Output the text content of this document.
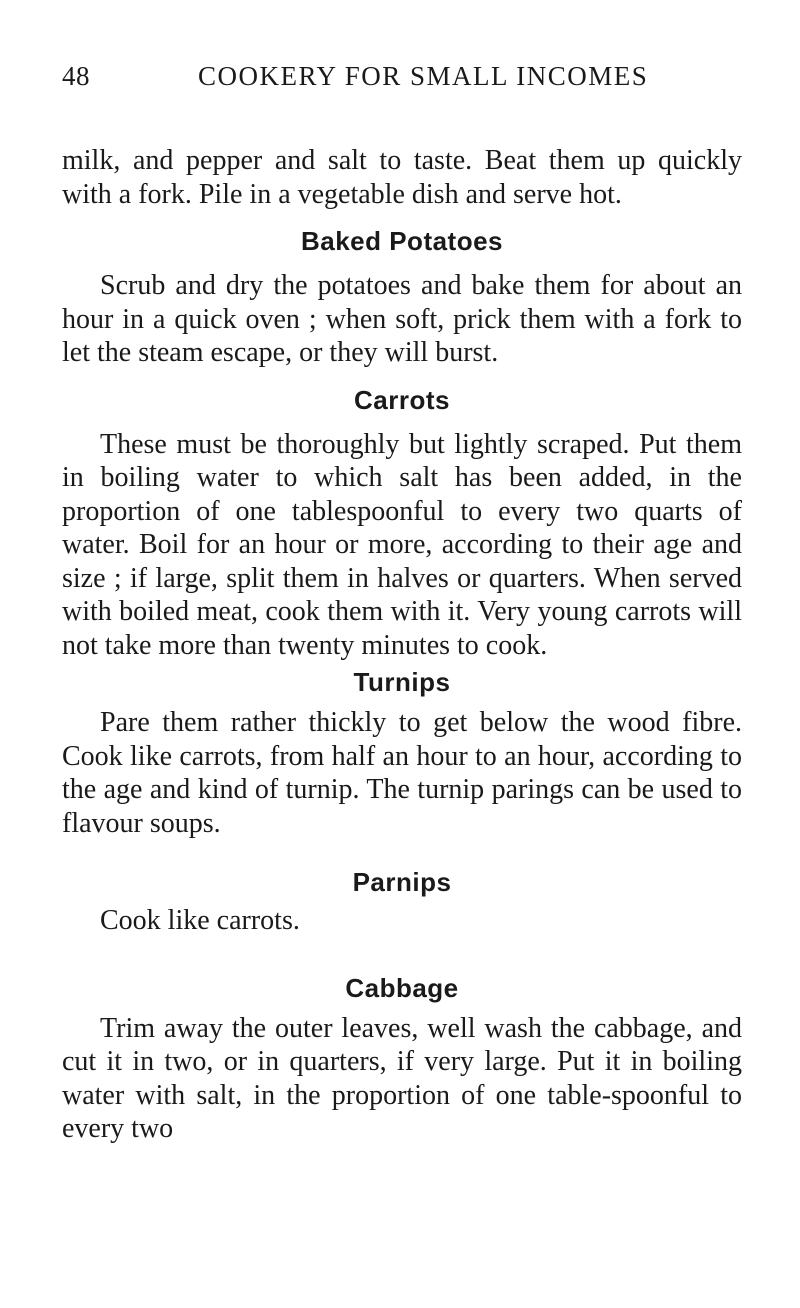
48	COOKERY FOR SMALL INCOMES

milk, and pepper and salt to taste. Beat them up quickly with a fork. Pile in a vegetable dish and serve hot.

Baked Potatoes

Scrub and dry the potatoes and bake them for about an hour in a quick oven ; when soft, prick them with a fork to let the steam escape, or they will burst.

Carrots

These must be thoroughly but lightly scraped. Put them in boiling water to which salt has been added, in the proportion of one tablespoonful to every two quarts of water. Boil for an hour or more, according to their age and size ; if large, split them in halves or quarters. When served with boiled meat, cook them with it. Very young carrots will not take more than twenty minutes to cook.

Turnips

Pare them rather thickly to get below the wood fibre. Cook like carrots, from half an hour to an hour, according to the age and kind of turnip. The turnip parings can be used to flavour soups.

Parnips

Cook like carrots.

Cabbage

Trim away the outer leaves, well wash the cabbage, and cut it in two, or in quarters, if very large. Put it in boiling water with salt, in the proportion of one table-spoonful to every two
